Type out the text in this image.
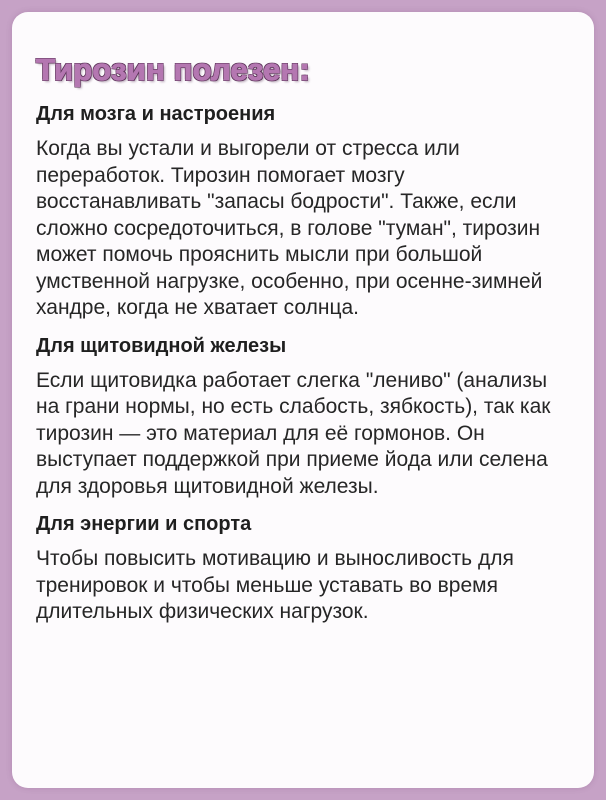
Тирозин полезен:
Для мозга и настроения

Когда вы устали и выгорели от стресса или переработок. Тирозин помогает мозгу восстанавливать "запасы бодрости". Также, если сложно сосредоточиться, в голове "туман", тирозин может помочь прояснить мысли при большой умственной нагрузке, особенно, при осенне-зимней хандре, когда не хватает солнца.

Для щитовидной железы

Если щитовидка работает слегка "лениво" (анализы на грани нормы, но есть слабость, зябкость), так как тирозин — это материал для её гормонов. Он выступает поддержкой при приеме йода или селена для здоровья щитовидной железы.

Для энергии и спорта

Чтобы повысить мотивацию и выносливость для тренировок и чтобы меньше уставать во время длительных физических нагрузок.
